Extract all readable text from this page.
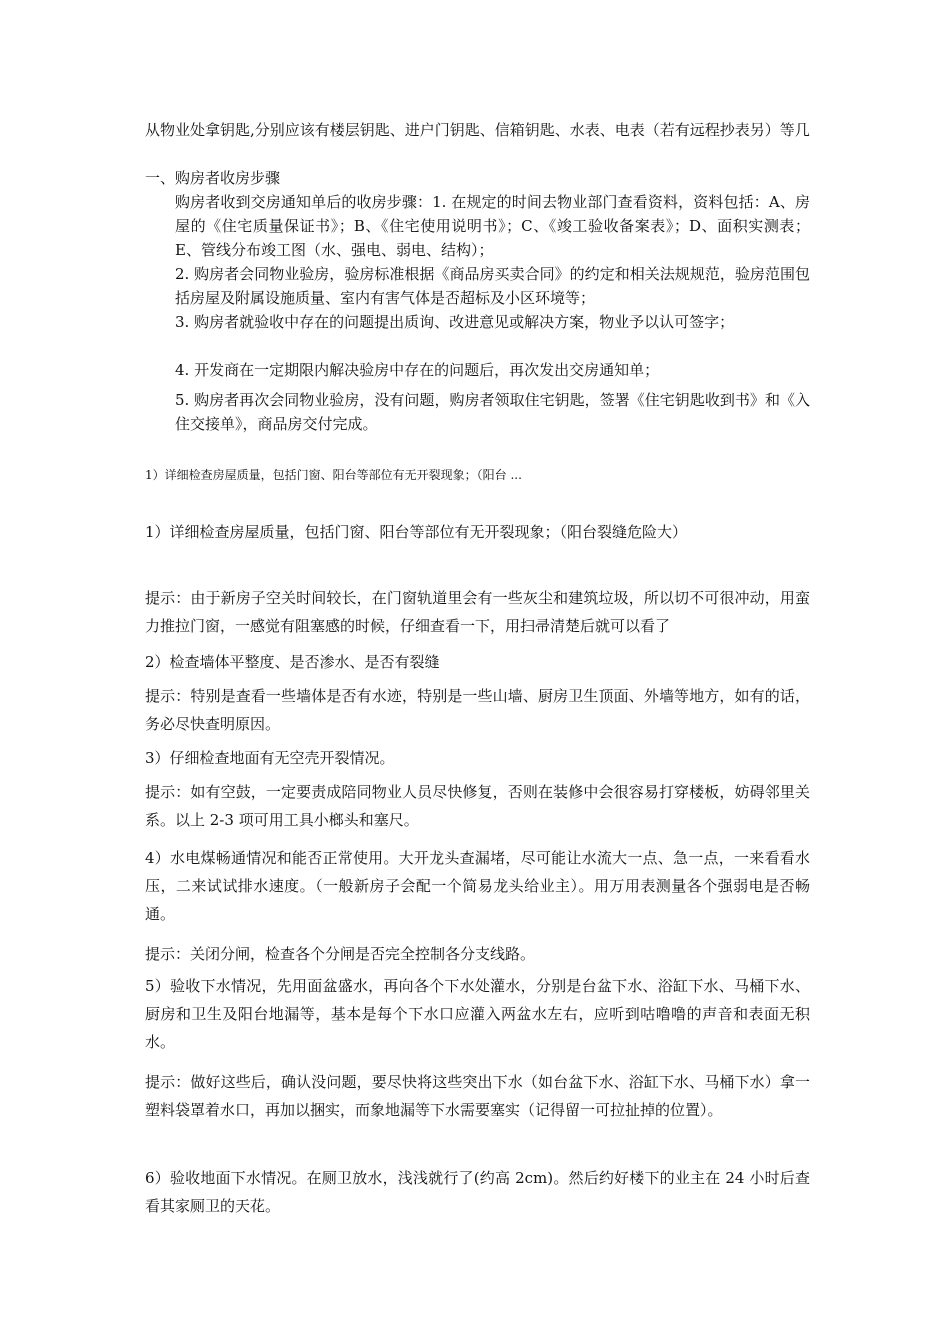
从物业处拿钥匙,分别应该有楼层钥匙、进户门钥匙、信箱钥匙、水表、电表（若有远程抄表另）等几

一、购房者收房步骤

购房者收到交房通知单后的收房步骤：1. 在规定的时间去物业部门查看资料，资料包括：A、房屋的《住宅质量保证书》；B、《住宅使用说明书》；C、《竣工验收备案表》；D、面积实测表；E、管线分布竣工图（水、强电、弱电、结构）；

2. 购房者会同物业验房，验房标准根据《商品房买卖合同》的约定和相关法规规范，验房范围包括房屋及附属设施质量、室内有害气体是否超标及小区环境等；

3. 购房者就验收中存在的问题提出质询、改进意见或解决方案，物业予以认可签字；

4. 开发商在一定期限内解决验房中存在的问题后，再次发出交房通知单；

5. 购房者再次会同物业验房，没有问题，购房者领取住宅钥匙，签署《住宅钥匙收到书》和《入住交接单》，商品房交付完成。

1）详细检查房屋质量，包括门窗、阳台等部位有无开裂现象；（阳台 ...

1）详细检查房屋质量，包括门窗、阳台等部位有无开裂现象；（阳台裂缝危险大）

提示：由于新房子空关时间较长，在门窗轨道里会有一些灰尘和建筑垃圾，所以切不可很冲动，用蛮力推拉门窗，一感觉有阻塞感的时候，仔细查看一下，用扫帚清楚后就可以看了

2）检查墙体平整度、是否渗水、是否有裂缝

提示：特别是查看一些墙体是否有水迹，特别是一些山墙、厨房卫生顶面、外墙等地方，如有的话，务必尽快查明原因。

3）仔细检查地面有无空壳开裂情况。

提示：如有空鼓，一定要责成陪同物业人员尽快修复，否则在装修中会很容易打穿楼板，妨碍邻里关系。以上 2-3 项可用工具小榔头和塞尺。

4）水电煤畅通情况和能否正常使用。大开龙头查漏堵，尽可能让水流大一点、急一点，一来看看水压，二来试试排水速度。（一般新房子会配一个简易龙头给业主）。用万用表测量各个强弱电是否畅通。

提示：关闭分闸，检查各个分闸是否完全控制各分支线路。

5）验收下水情况，先用面盆盛水，再向各个下水处灌水，分别是台盆下水、浴缸下水、马桶下水、厨房和卫生及阳台地漏等，基本是每个下水口应灌入两盆水左右，应听到咕噜噜的声音和表面无积水。

提示：做好这些后，确认没问题，要尽快将这些突出下水（如台盆下水、浴缸下水、马桶下水）拿一塑料袋罩着水口，再加以捆实，而象地漏等下水需要塞实（记得留一可拉扯掉的位置）。

6）验收地面下水情况。在厕卫放水，浅浅就行了(约高 2cm)。然后约好楼下的业主在 24 小时后查看其家厕卫的天花。
